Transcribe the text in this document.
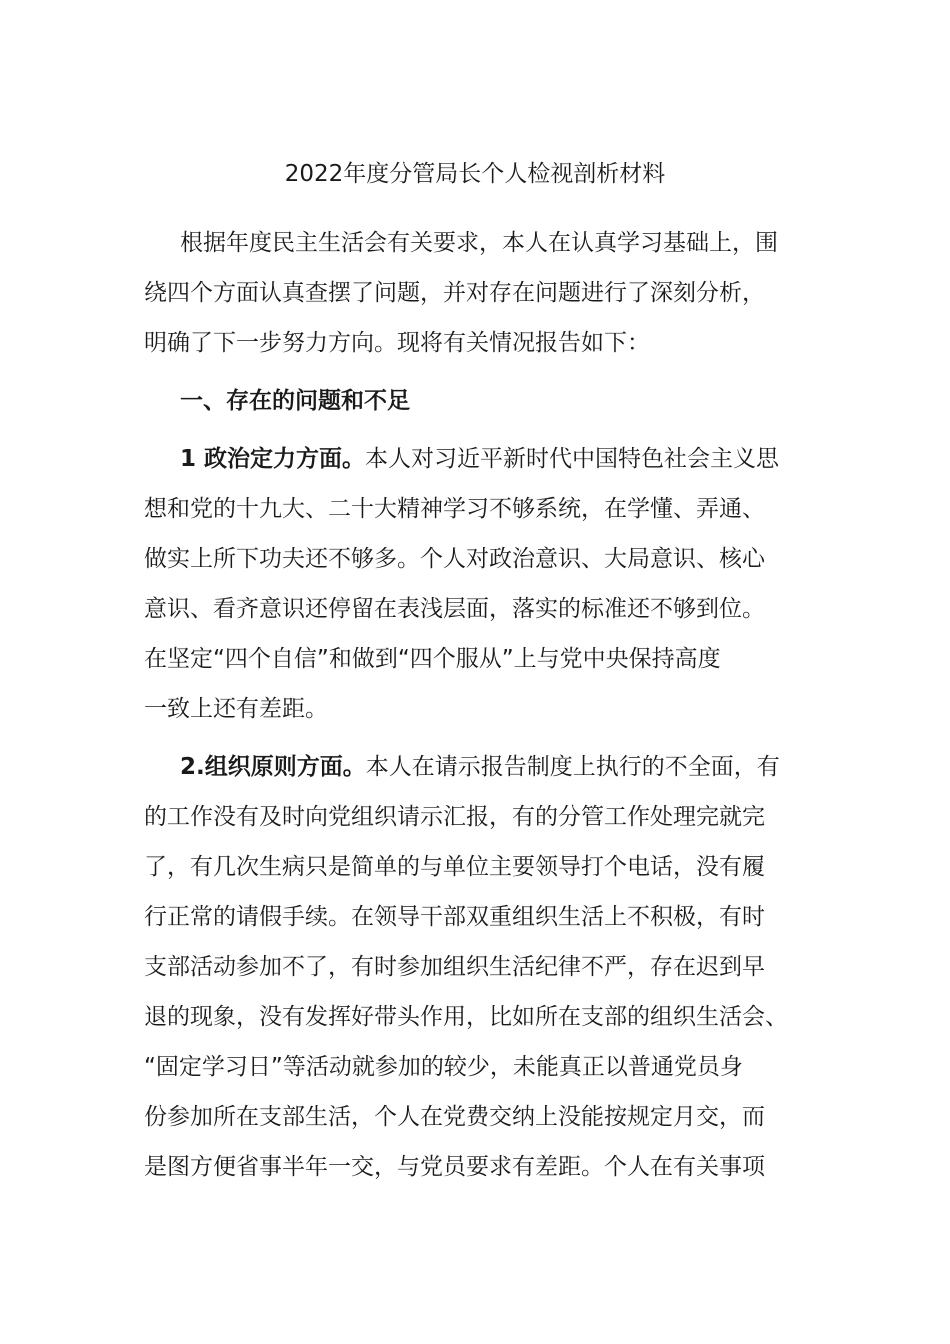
2022年度分管局长个人检视剖析材料
根据年度民主生活会有关要求，本人在认真学习基础上，围
绕四个方面认真查摆了问题，并对存在问题进行了深刻分析，
明确了下一步努力方向。现将有关情况报告如下：
一、存在的问题和不足
1 政治定力方面。本人对习近平新时代中国特色社会主义思
想和党的十九大、二十大精神学习不够系统，在学懂、弄通、
做实上所下功夫还不够多。个人对政治意识、大局意识、核心
意识、看齐意识还停留在表浅层面，落实的标准还不够到位。
在坚定“四个自信”和做到“四个服从”上与党中央保持高度
一致上还有差距。
2.组织原则方面。本人在请示报告制度上执行的不全面，有
的工作没有及时向党组织请示汇报，有的分管工作处理完就完
了，有几次生病只是简单的与单位主要领导打个电话，没有履
行正常的请假手续。在领导干部双重组织生活上不积极，有时
支部活动参加不了，有时参加组织生活纪律不严，存在迟到早
退的现象，没有发挥好带头作用，比如所在支部的组织生活会、
“固定学习日”等活动就参加的较少，未能真正以普通党员身
份参加所在支部生活，个人在党费交纳上没能按规定月交，而
是图方便省事半年一交，与党员要求有差距。个人在有关事项
